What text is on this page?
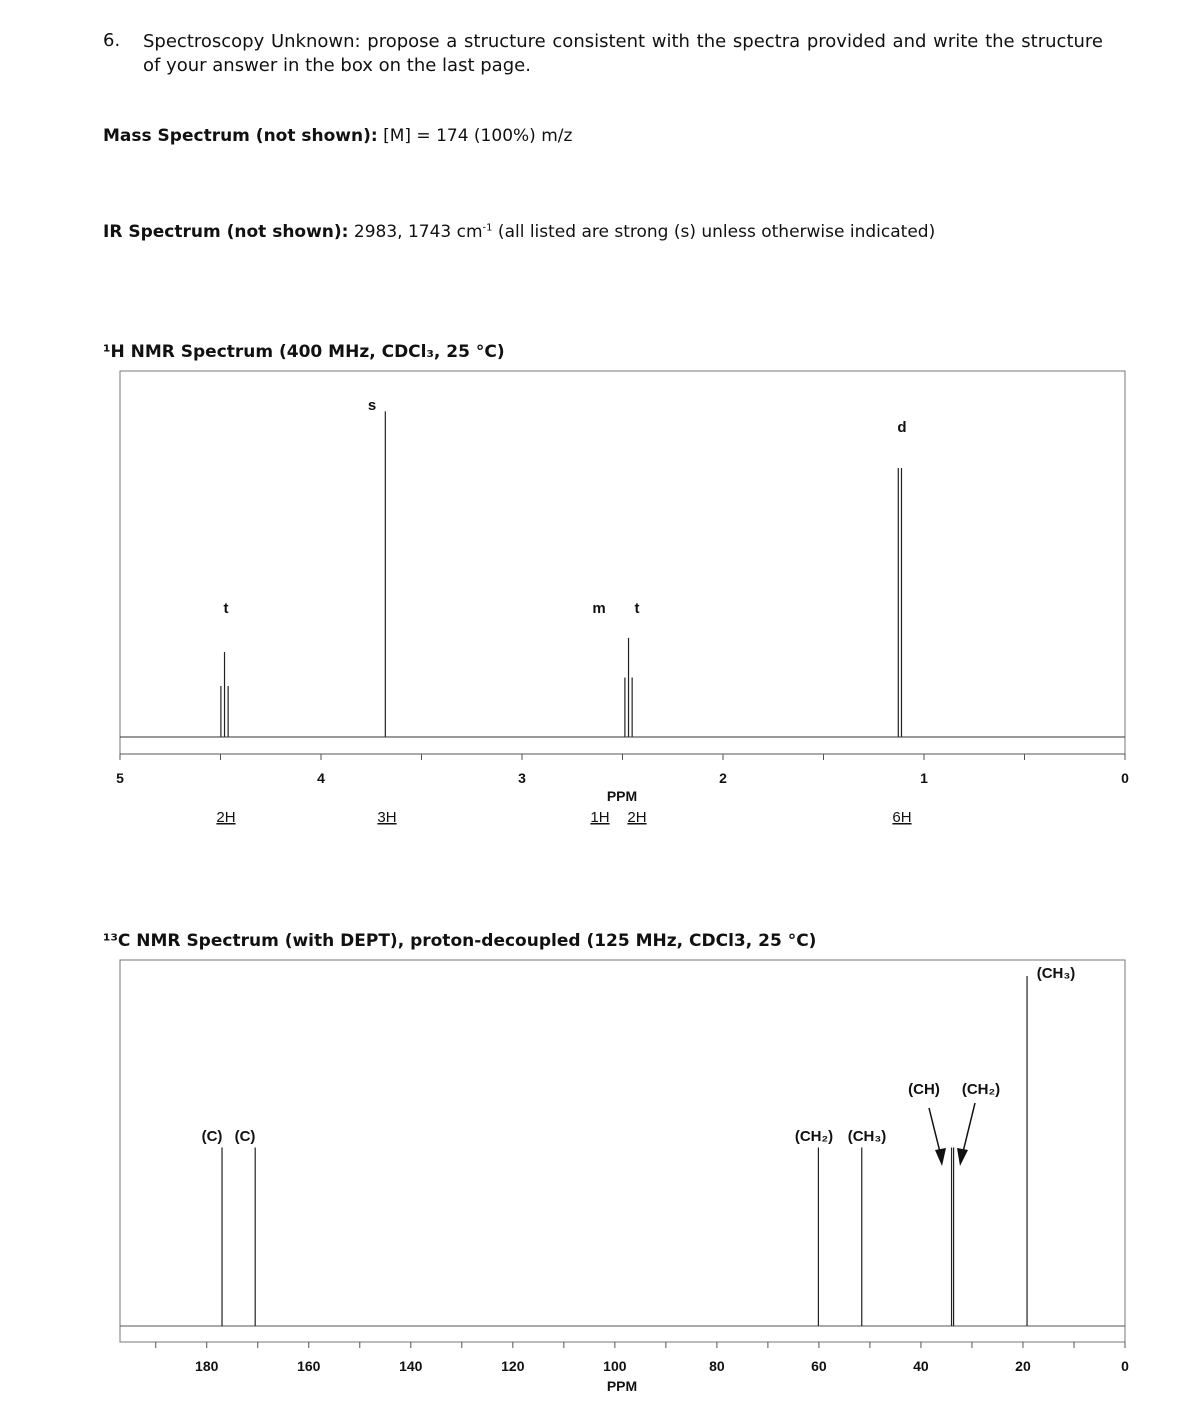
6. Spectroscopy Unknown: propose a structure consistent with the spectra provided and write the structure of your answer in the box on the last page.
Mass Spectrum (not shown): [M] = 174 (100%) m/z
IR Spectrum (not shown): 2983, 1743 $cm^{-1}$ (all listed are strong (s) unless otherwise indicated)
¹H NMR Spectrum (400 MHz, CDCl₃, 25 °C)
¹³C NMR Spectrum (with DEPT), proton-decoupled (125 MHz, CDCl3, 25 °C)
5	4	3	2	1	0
PPM
t
s
m t
d
2H	3H	1H 2H	6H
180	160	140	120	100	80	60	40	20	0
PPM
(C) (C)	(CH₂) (CH₃)
(CH) (CH₂)
(CH₃)
